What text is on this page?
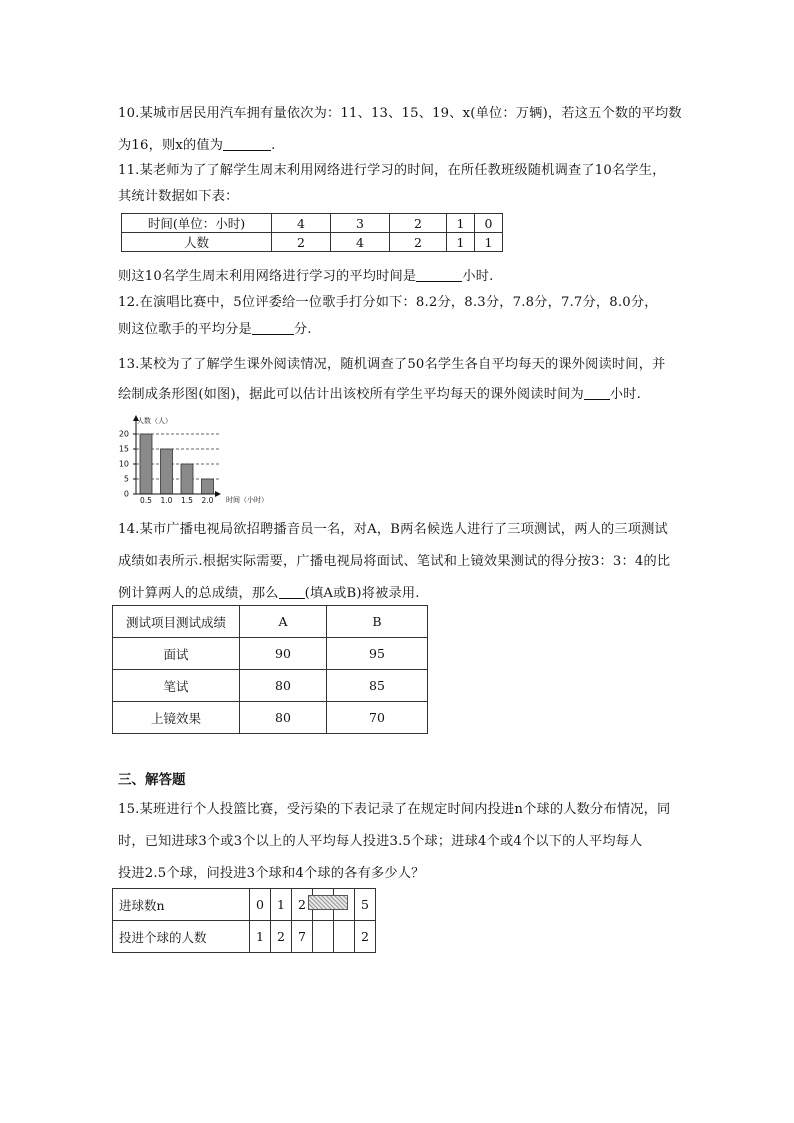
10.某城市居民用汽车拥有量依次为：11、13、15、19、x(单位：万辆)，若这五个数的平均数
为16，则x的值为	.
11.某老师为了了解学生周末利用网络进行学习的时间，在所任教班级随机调查了10名学生，
其统计数据如下表：
时间(单位：小时)	4	3	2	1	0
人数	2	4	2	1	1
则这10名学生周末利用网络进行学习的平均时间是	小时.
12.在演唱比赛中，5位评委给一位歌手打分如下：8.2分，8.3分，7.8分，7.7分，8.0分，
则这位歌手的平均分是	分.
13.某校为了了解学生课外阅读情况，随机调查了50名学生各自平均每天的课外阅读时间，并
绘制成条形图(如图)，据此可以估计出该校所有学生平均每天的课外阅读时间为 小时.
人数（人）
时间（小时）
0
5
10
15
20
0.5 1.0 1.5 2.0
14.某市广播电视局欲招聘播音员一名，对A，B两名候选人进行了三项测试，两人的三项测试
成绩如表所示.根据实际需要，广播电视局将面试、笔试和上镜效果测试的得分按3：3：4的比
例计算两人的总成绩，那么 (填A或B)将被录用.
测试项目测试成绩	A	B
面试	90	95
笔试	80	85
上镜效果	80	70
三、解答题
15.某班进行个人投篮比赛，受污染的下表记录了在规定时间内投进n个球的人数分布情况，同
时，已知进球3个或3个以上的人平均每人投进3.5个球；进球4个或4个以下的人平均每人
投进2.5个球，问投进3个球和4个球的各有多少人？
进球数n	0	1	2			5
投进个球的人数	1	2	7			2
